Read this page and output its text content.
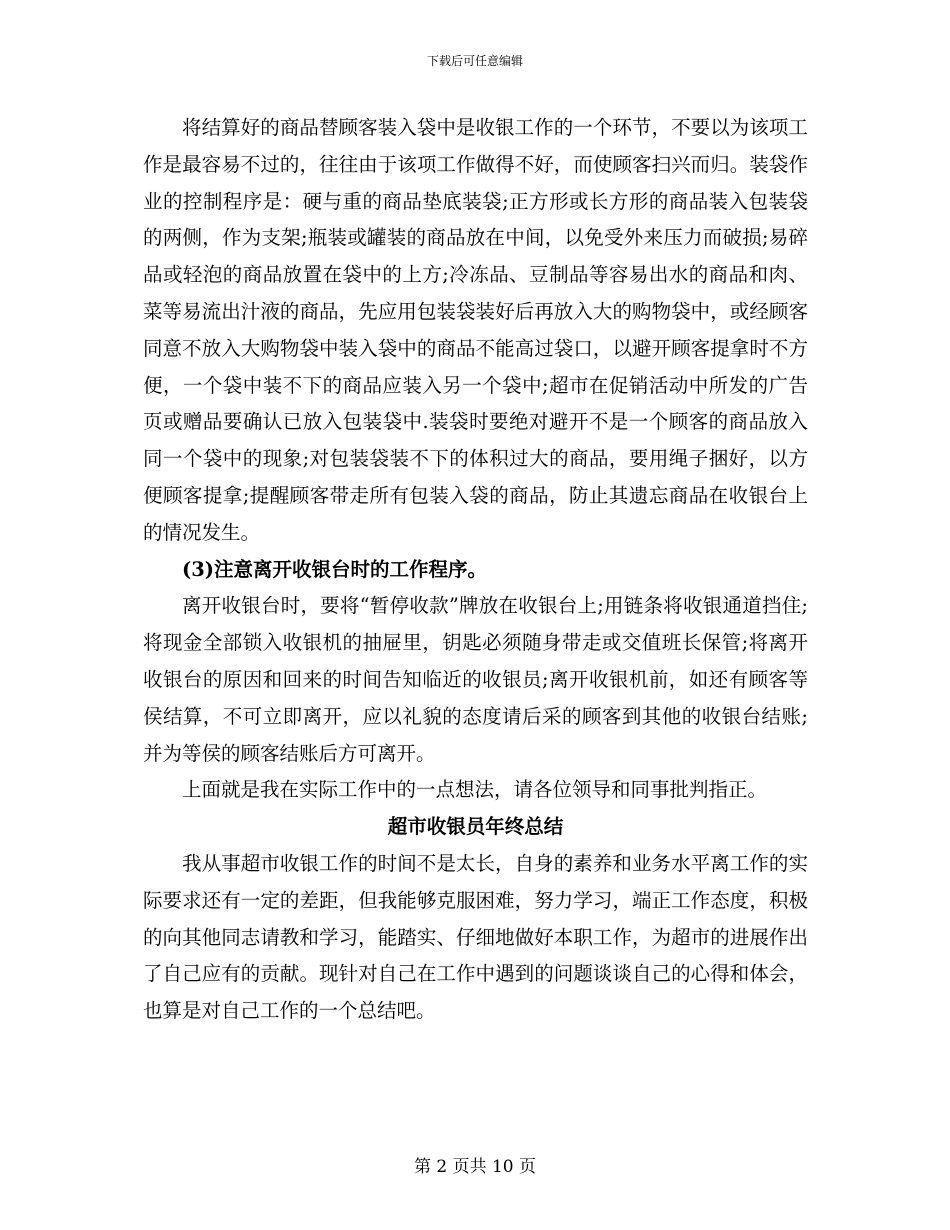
下载后可任意编辑

将结算好的商品替顾客装入袋中是收银工作的一个环节，不要以为该项工作是最容易不过的，往往由于该项工作做得不好，而使顾客扫兴而归。装袋作业的控制程序是：硬与重的商品垫底装袋;正方形或长方形的商品装入包装袋的两侧，作为支架;瓶装或罐装的商品放在中间，以免受外来压力而破损;易碎品或轻泡的商品放置在袋中的上方;冷冻品、豆制品等容易出水的商品和肉、菜等易流出汁液的商品，先应用包装袋装好后再放入大的购物袋中，或经顾客同意不放入大购物袋中装入袋中的商品不能高过袋口，以避开顾客提拿时不方便，一个袋中装不下的商品应装入另一个袋中;超市在促销活动中所发的广告页或赠品要确认已放入包装袋中.装袋时要绝对避开不是一个顾客的商品放入同一个袋中的现象;对包装袋装不下的体积过大的商品，要用绳子捆好，以方便顾客提拿;提醒顾客带走所有包装入袋的商品，防止其遗忘商品在收银台上的情况发生。

(3)注意离开收银台时的工作程序。

离开收银台时，要将“暂停收款”牌放在收银台上;用链条将收银通道挡住;将现金全部锁入收银机的抽屉里，钥匙必须随身带走或交值班长保管;将离开收银台的原因和回来的时间告知临近的收银员;离开收银机前，如还有顾客等侯结算，不可立即离开，应以礼貌的态度请后采的顾客到其他的收银台结账;并为等侯的顾客结账后方可离开。

上面就是我在实际工作中的一点想法，请各位领导和同事批判指正。

超市收银员年终总结

我从事超市收银工作的时间不是太长，自身的素养和业务水平离工作的实际要求还有一定的差距，但我能够克服困难，努力学习，端正工作态度，积极的向其他同志请教和学习，能踏实、仔细地做好本职工作，为超市的进展作出了自己应有的贡献。现针对自己在工作中遇到的问题谈谈自己的心得和体会，也算是对自己工作的一个总结吧。

第 2 页共 10 页
